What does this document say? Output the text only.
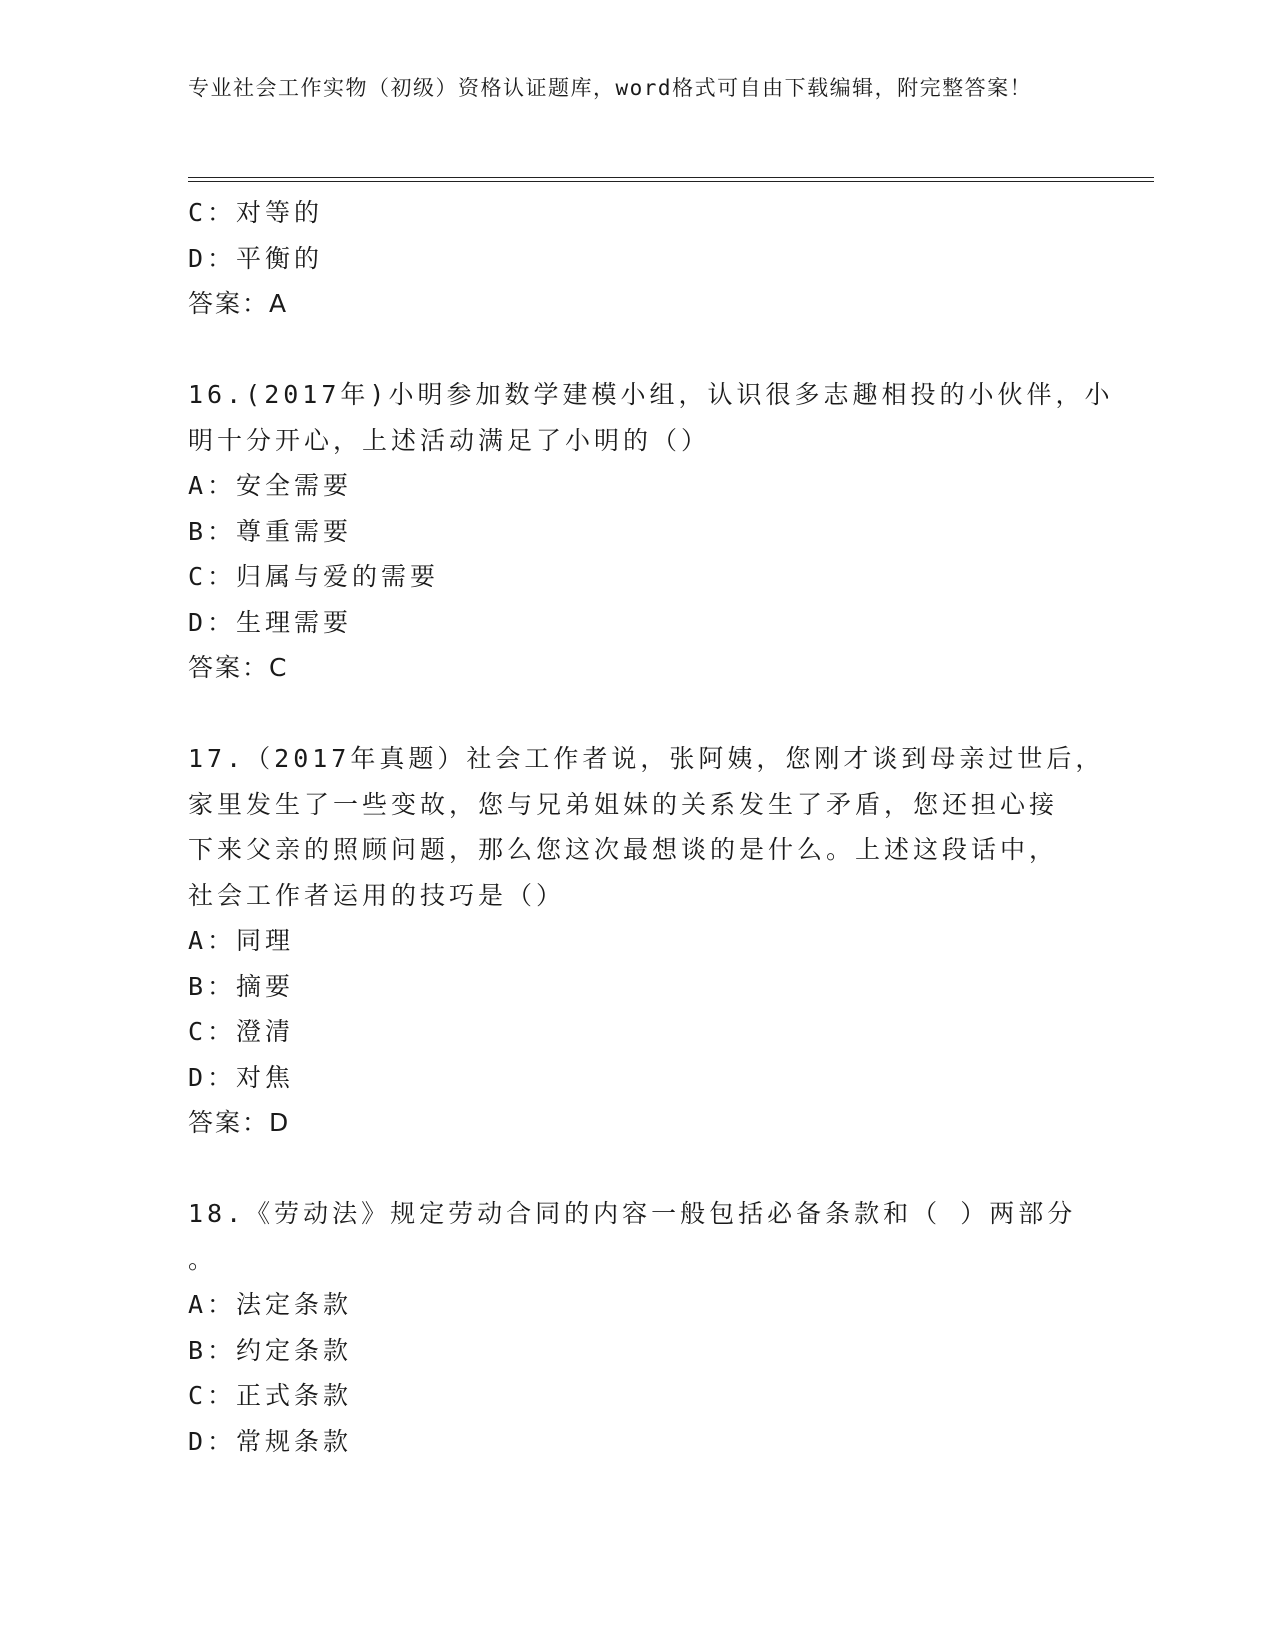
专业社会工作实物（初级）资格认证题库，word格式可自由下载编辑，附完整答案！
C：对等的
D：平衡的
答案：A
16.(2017年)小明参加数学建模小组，认识很多志趣相投的小伙伴，小
明十分开心，上述活动满足了小明的（）
A：安全需要
B：尊重需要
C：归属与爱的需要
D：生理需要
答案：C
17.（2017年真题）社会工作者说，张阿姨，您刚才谈到母亲过世后，
家里发生了一些变故，您与兄弟姐妹的关系发生了矛盾，您还担心接
下来父亲的照顾问题，那么您这次最想谈的是什么。上述这段话中，
社会工作者运用的技巧是（）
A：同理
B：摘要
C：澄清
D：对焦
答案：D
18.《劳动法》规定劳动合同的内容一般包括必备条款和（ ）两部分
。
A：法定条款
B：约定条款
C：正式条款
D：常规条款
